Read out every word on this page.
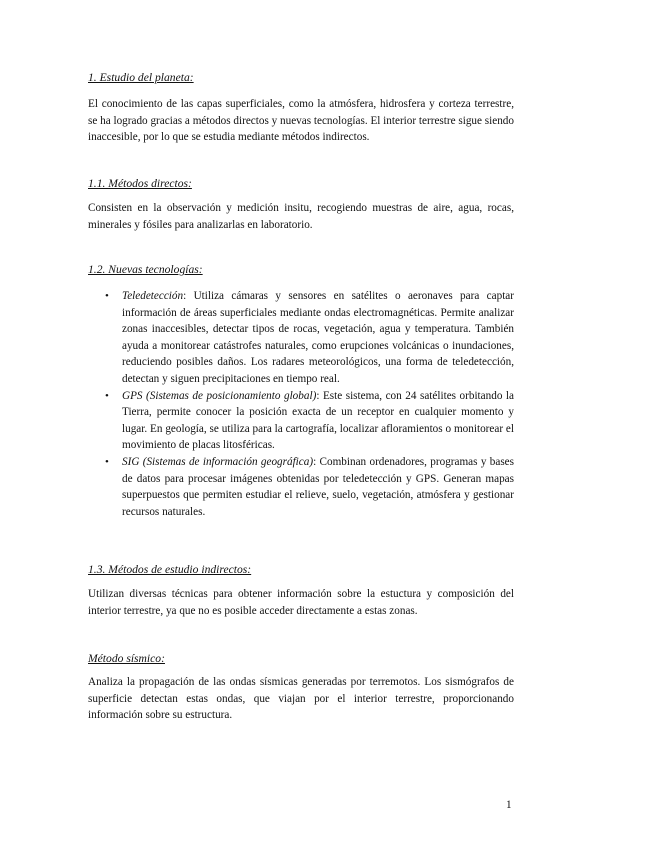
1. Estudio del planeta:

El conocimiento de las capas superficiales, como la atmósfera, hidrosfera y corteza terrestre, se ha logrado gracias a métodos directos y nuevas tecnologías. El interior terrestre sigue siendo inaccesible, por lo que se estudia mediante métodos indirectos.

1.1. Métodos directos:

Consisten en la observación y medición insitu, recogiendo muestras de aire, agua, rocas, minerales y fósiles para analizarlas en laboratorio.

1.2. Nuevas tecnologías:
• Teledetección: Utiliza cámaras y sensores en satélites o aeronaves para captar información de áreas superficiales mediante ondas electromagnéticas. Permite analizar zonas inaccesibles, detectar tipos de rocas, vegetación, agua y temperatura. También ayuda a monitorear catástrofes naturales, como erupciones volcánicas o inundaciones, reduciendo posibles daños. Los radares meteorológicos, una forma de teledetección, detectan y siguen precipitaciones en tiempo real.
• GPS (Sistemas de posicionamiento global): Este sistema, con 24 satélites orbitando la Tierra, permite conocer la posición exacta de un receptor en cualquier momento y lugar. En geología, se utiliza para la cartografía, localizar afloramientos o monitorear el movimiento de placas litosféricas.
• SIG (Sistemas de información geográfica): Combinan ordenadores, programas y bases de datos para procesar imágenes obtenidas por teledetección y GPS. Generan mapas superpuestos que permiten estudiar el relieve, suelo, vegetación, atmósfera y gestionar recursos naturales.
1.3. Métodos de estudio indirectos:

Utilizan diversas técnicas para obtener información sobre la estuctura y composición del interior terrestre, ya que no es posible acceder directamente a estas zonas.

Método sísmico:

Analiza la propagación de las ondas sísmicas generadas por terremotos. Los sismógrafos de superficie detectan estas ondas, que viajan por el interior terrestre, proporcionando información sobre su estructura.

1
